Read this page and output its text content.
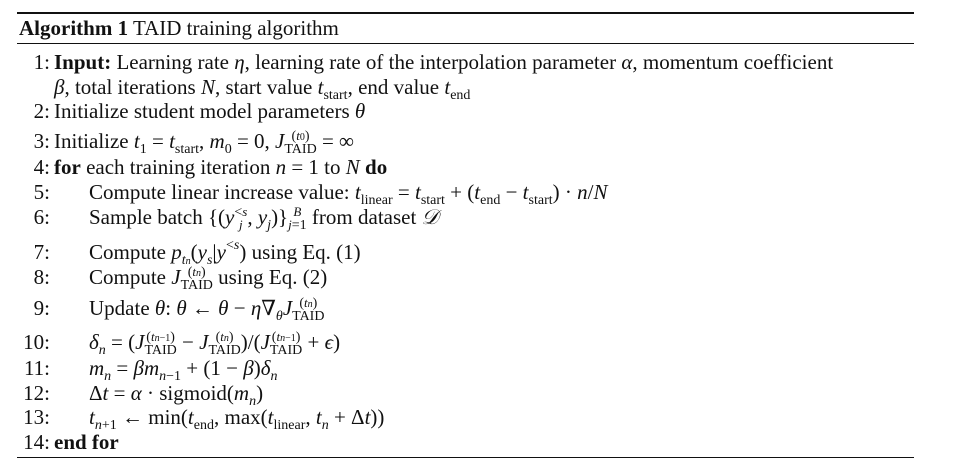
Algorithm 1 TAID training algorithm
1: Input: Learning rate η, learning rate of the interpolation parameter α, momentum coefficient
β, total iterations N, start value $t_{start}$, end value $t_{end}$
2: Initialize student model parameters θ
3: Initialize $t_1 = t_{start}$, $m_0 = 0$, J (t0)
TAID = ∞
4: for each training iteration n = 1 to N do
5: Compute linear increase value: $t_{linear} = t_{start} + (t_{end} - t_{start}) \cdot n/N$
6: Sample batch {(y <s
j , $y_j$)} B
j=1 from dataset 𝒟
7: Compute $p_{tn}(y_s|y^{<s})$ using Eq. (1)
8: Compute J (tn)
TAID using Eq. (2)
9: Update θ: θ ← $\theta - \eta\nabla_\theta J$ (tn)
TAID
10: $\delta_n = (J$ (tn−1)
TAID − J (tn)
TAID )/(J (tn−1)
TAID + ϵ)
11: $m_n = \beta m_{n-1} + (1 - \beta)\delta_n$
12: $\Delta t = \alpha \cdot sigmoid(m_n)$
13: $t_{n+1}$ ← $\min(t_{end}$, $\max(t_{linear}$, $t_n + \Delta t$))
14: end for
